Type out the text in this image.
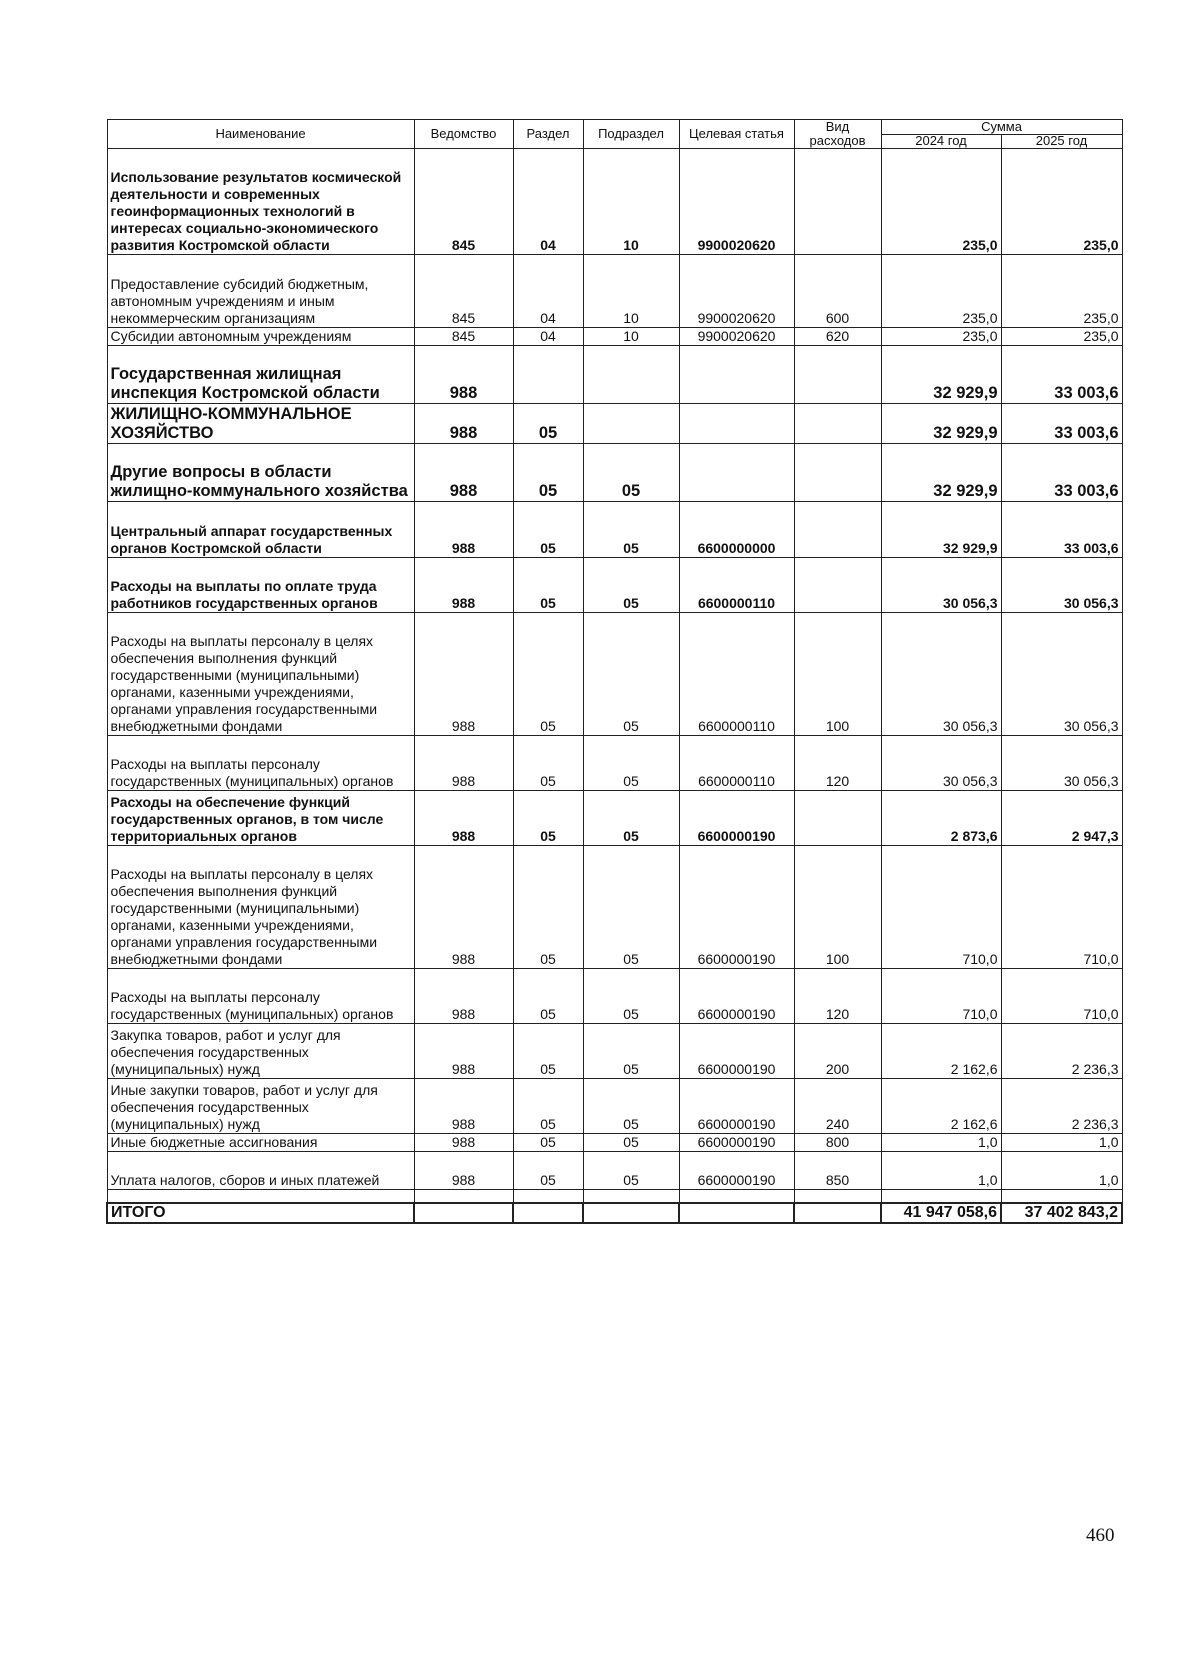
Наименование	Ведомство	Раздел	Подраздел	Целевая статья	Вид расходов	Сумма	
						2024 год	2025 год
Использование результатов космической деятельности и современных геоинформационных технологий в интересах социально-экономического развития Костромской области	845	04	10	9900020620		235,0	235,0
Предоставление субсидий бюджетным, автономным учреждениям и иным некоммерческим организациям	845	04	10	9900020620	600	235,0	235,0
Субсидии автономным учреждениям	845	04	10	9900020620	620	235,0	235,0
Государственная жилищная инспекция Костромской области	988					32 929,9	33 003,6
ЖИЛИЩНО-КОММУНАЛЬНОЕ ХОЗЯЙСТВО	988	05				32 929,9	33 003,6
Другие вопросы в области жилищно-коммунального хозяйства	988	05	05			32 929,9	33 003,6
Центральный аппарат государственных органов Костромской области	988	05	05	6600000000		32 929,9	33 003,6
Расходы на выплаты по оплате труда работников государственных органов	988	05	05	6600000110		30 056,3	30 056,3
Расходы на выплаты персоналу в целях обеспечения выполнения функций государственными (муниципальными) органами, казенными учреждениями, органами управления государственными внебюджетными фондами	988	05	05	6600000110	100	30 056,3	30 056,3
Расходы на выплаты персоналу государственных (муниципальных) органов	988	05	05	6600000110	120	30 056,3	30 056,3
Расходы на обеспечение функций государственных органов, в том числе территориальных органов	988	05	05	6600000190		2 873,6	2 947,3
Расходы на выплаты персоналу в целях обеспечения выполнения функций государственными (муниципальными) органами, казенными учреждениями, органами управления государственными внебюджетными фондами	988	05	05	6600000190	100	710,0	710,0
Расходы на выплаты персоналу государственных (муниципальных) органов	988	05	05	6600000190	120	710,0	710,0
Закупка товаров, работ и услуг для обеспечения государственных (муниципальных) нужд	988	05	05	6600000190	200	2 162,6	2 236,3
Иные закупки товаров, работ и услуг для обеспечения государственных (муниципальных) нужд	988	05	05	6600000190	240	2 162,6	2 236,3
Иные бюджетные ассигнования	988	05	05	6600000190	800	1,0	1,0
Уплата налогов, сборов и иных платежей	988	05	05	6600000190	850	1,0	1,0

ИТОГО						41 947 058,6	37 402 843,2
460
